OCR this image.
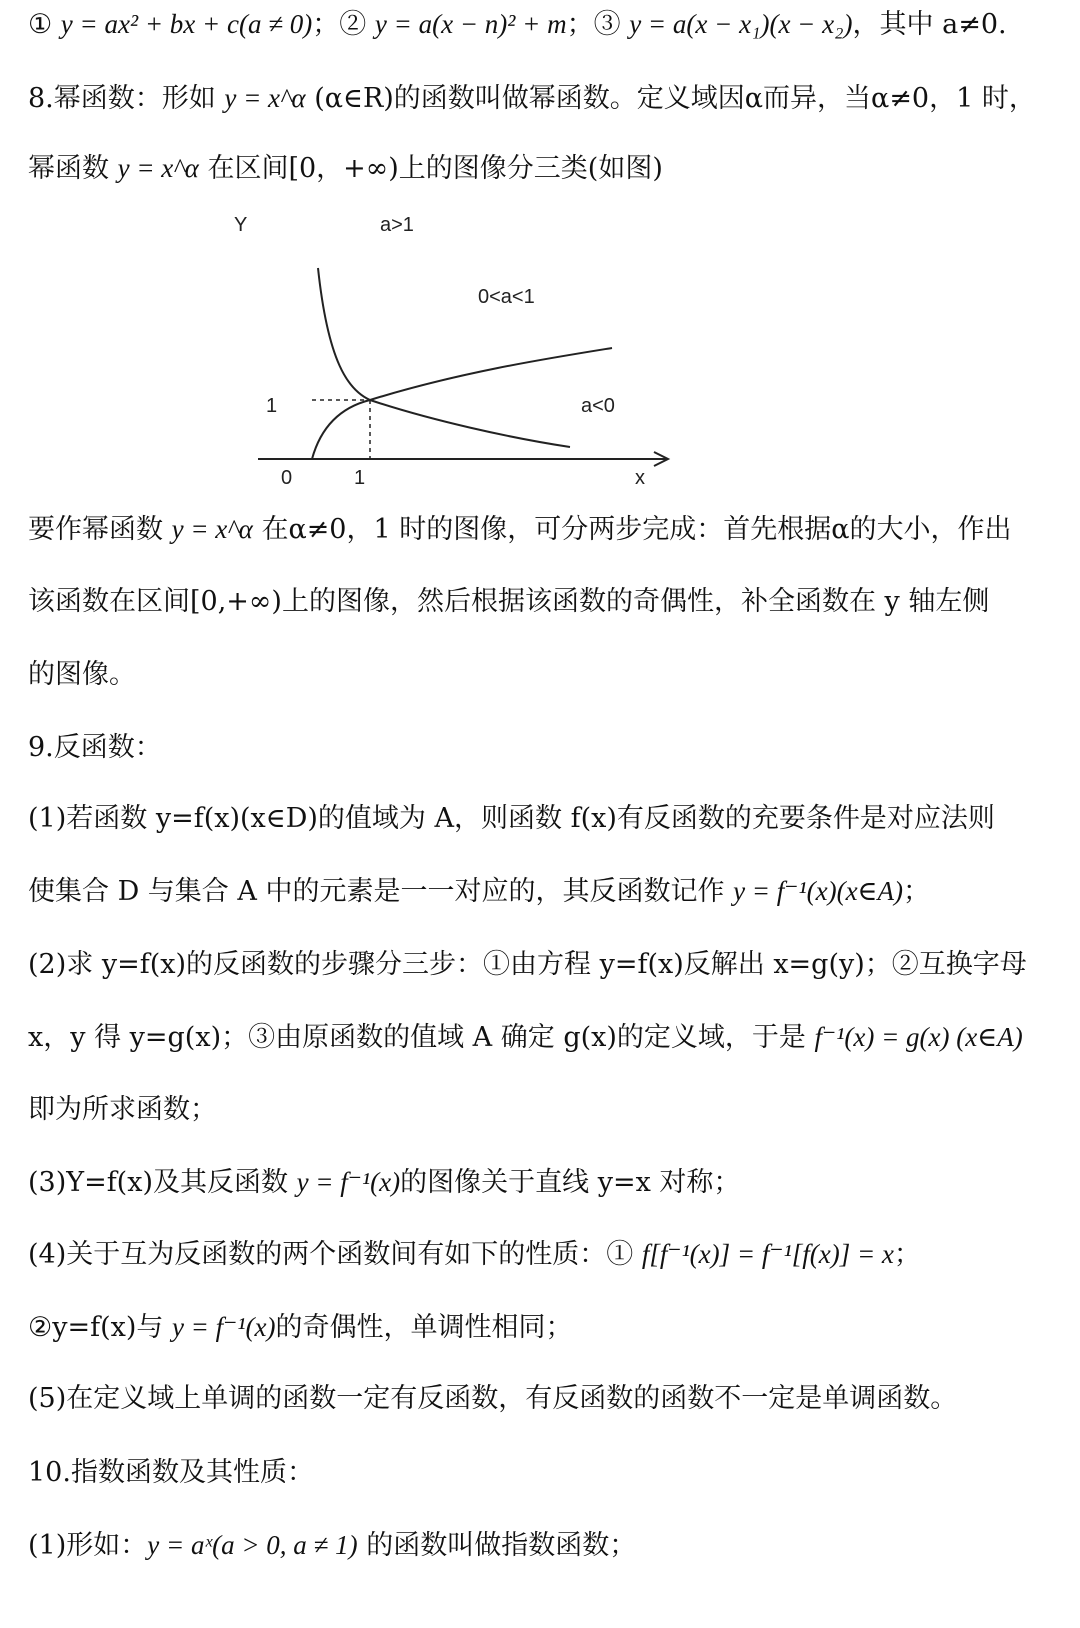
① y = ax² + bx + c(a ≠ 0)；② y = a(x − n)² + m；③ y = a(x − x₁)(x − x₂)，其中 a≠0.
8.幂函数：形如 y = x^α (α∈R)的函数叫做幂函数。定义域因α而异，当α≠0，1 时，
幂函数 y = x^α 在区间[0，+∞)上的图像分三类(如图)
Y	a>1
0<a<1
a<0
1
0	1	x
要作幂函数 y = x^α 在α≠0，1 时的图像，可分两步完成：首先根据α的大小，作出
该函数在区间[0,+∞)上的图像，然后根据该函数的奇偶性，补全函数在 y 轴左侧
的图像。
9.反函数：
(1)若函数 y=f(x)(x∈D)的值域为 A，则函数 f(x)有反函数的充要条件是对应法则
使集合 D 与集合 A 中的元素是一一对应的，其反函数记作 y = f⁻¹(x)(x∈A)；
(2)求 y=f(x)的反函数的步骤分三步：①由方程 y=f(x)反解出 x=g(y)；②互换字母
x，y 得 y=g(x)；③由原函数的值域 A 确定 g(x)的定义域，于是 f⁻¹(x) = g(x) (x∈A)
即为所求函数；
(3)Y=f(x)及其反函数 y = f⁻¹(x)的图像关于直线 y=x 对称；
(4)关于互为反函数的两个函数间有如下的性质：① f[f⁻¹(x)] = f⁻¹[f(x)] = x；
②y=f(x)与 y = f⁻¹(x)的奇偶性，单调性相同；
(5)在定义域上单调的函数一定有反函数，有反函数的函数不一定是单调函数。
10.指数函数及其性质：
(1)形如：y = aˣ(a > 0, a ≠ 1) 的函数叫做指数函数；
